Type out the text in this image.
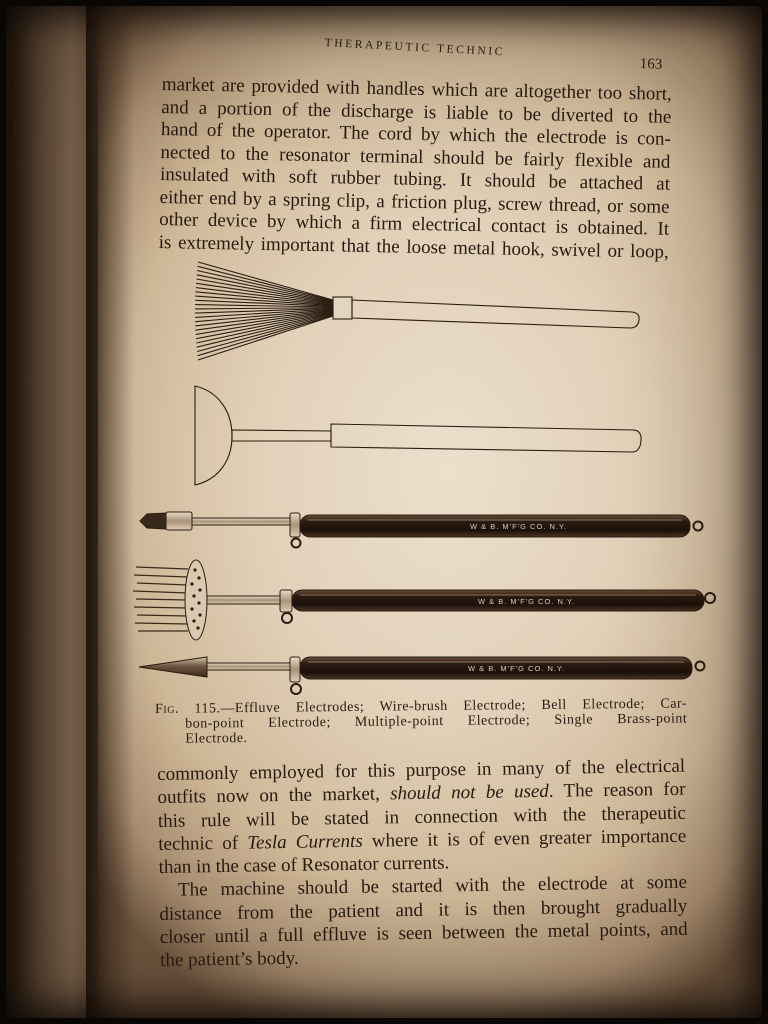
s
d
l
THERAPEUTIC TECHNIC
163
market are provided with handles which are altogether too short,
and a portion of the discharge is liable to be diverted to the
hand of the operator. The cord by which the electrode is con-
nected to the resonator terminal should be fairly flexible and
insulated with soft rubber tubing. It should be attached at
either end by a spring clip, a friction plug, screw thread, or some
other device by which a firm electrical contact is obtained. It
is extremely important that the loose metal hook, swivel or loop,
W & B. M'F'G CO. N.Y.
W & B. M'F'G CO. N.Y.
W & B. M'F'G CO. N.Y.
Fig. 115.—Effluve Electrodes; Wire-brush Electrode; Bell Electrode; Car-
bon-point Electrode; Multiple-point Electrode; Single Brass-point
Electrode.
commonly employed for this purpose in many of the electrical
outfits now on the market, should not be used. The reason for
this rule will be stated in connection with the therapeutic
technic of Tesla Currents where it is of even greater importance
than in the case of Resonator currents.
The machine should be started with the electrode at some
distance from the patient and it is then brought gradually
closer until a full effluve is seen between the metal points, and
the patient’s body.
